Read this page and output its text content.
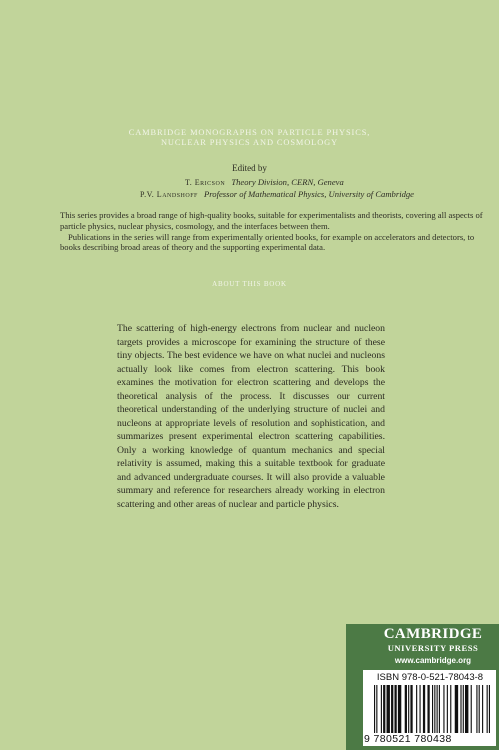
CAMBRIDGE MONOGRAPHS ON PARTICLE PHYSICS,
NUCLEAR PHYSICS AND COSMOLOGY
Edited by
T. Ericson Theory Division, CERN, Geneva
P.V. Landshoff Professor of Mathematical Physics, University of Cambridge

This series provides a broad range of high-quality books, suitable for experimentalists and theorists, covering all aspects of particle physics, nuclear physics, cosmology, and the interfaces between them.

Publications in the series will range from experimentally oriented books, for example on accelerators and detectors, to books describing broad areas of theory and the supporting experimental data.

ABOUT THIS BOOK

The scattering of high-energy electrons from nuclear and nucleon targets provides a microscope for examining the structure of these tiny objects. The best evidence we have on what nuclei and nucleons actually look like comes from electron scattering. This book examines the motivation for electron scattering and develops the theoretical analysis of the process. It discusses our current theoretical understanding of the underlying structure of nuclei and nucleons at appropriate levels of resolution and sophistication, and summarizes present experimental electron scattering capabilities. Only a working knowledge of quantum mechanics and special relativity is assumed, making this a suitable textbook for graduate and advanced undergraduate courses. It will also provide a valuable summary and reference for researchers already working in electron scattering and other areas of nuclear and particle physics.

CAMBRIDGE
UNIVERSITY PRESS
www.cambridge.org
ISBN 978-0-521-78043-8
9 780521 780438
